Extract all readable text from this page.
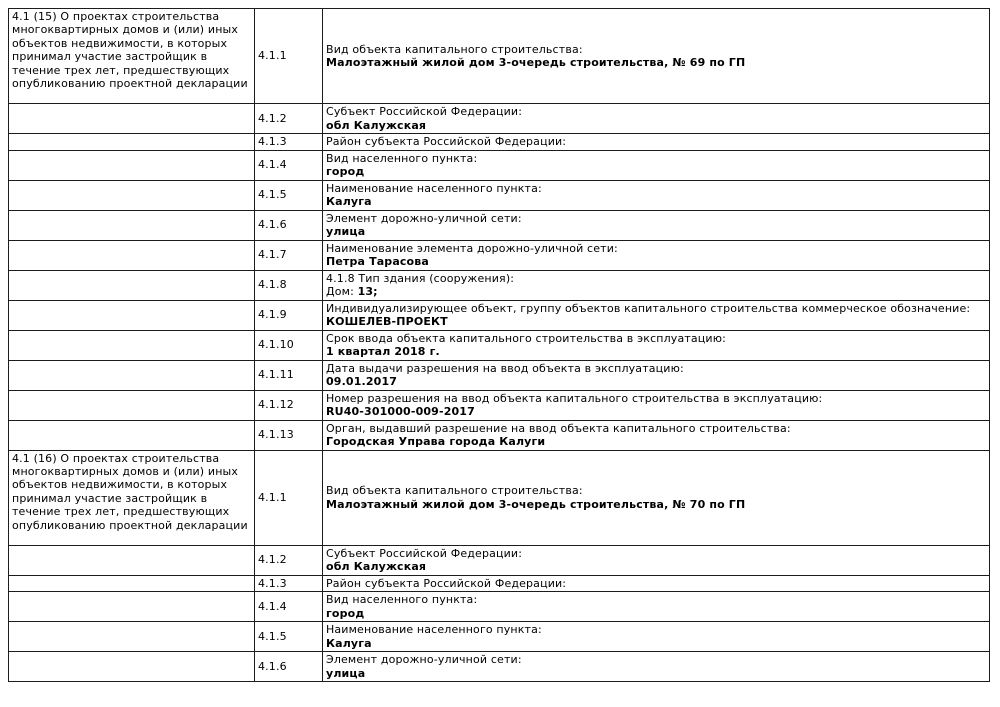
4.1 (15) О проектах строительства многоквартирных домов и (или) иных объектов недвижимости, в которых принимал участие застройщик в течение трех лет, предшествующих опубликованию проектной декларации	4.1.1	Вид объекта капитального строительства:
Малоэтажный жилой дом 3-очередь строительства, № 69 по ГП

	4.1.2	Субъект Российской Федерации:
обл Калужская

	4.1.3	Район субъекта Российской Федерации:

	4.1.4	Вид населенного пункта:
город

	4.1.5	Наименование населенного пункта:
Калуга

	4.1.6	Элемент дорожно-уличной сети:
улица

	4.1.7	Наименование элемента дорожно-уличной сети:
Петра Тарасова

	4.1.8	4.1.8 Тип здания (сооружения):
Дом: 13;

	4.1.9	Индивидуализирующее объект, группу объектов капитального строительства коммерческое обозначение:
КОШЕЛЕВ-ПРОЕКТ

	4.1.10	Срок ввода объекта капитального строительства в эксплуатацию:
1 квартал 2018 г.

	4.1.11	Дата выдачи разрешения на ввод объекта в эксплуатацию:
09.01.2017

	4.1.12	Номер разрешения на ввод объекта капитального строительства в эксплуатацию:
RU40-301000-009-2017

	4.1.13	Орган, выдавший разрешение на ввод объекта капитального строительства:
Городская Управа города Калуги

4.1 (16) О проектах строительства многоквартирных домов и (или) иных объектов недвижимости, в которых принимал участие застройщик в течение трех лет, предшествующих опубликованию проектной декларации	4.1.1	Вид объекта капитального строительства:
Малоэтажный жилой дом 3-очередь строительства, № 70 по ГП

	4.1.2	Субъект Российской Федерации:
обл Калужская

	4.1.3	Район субъекта Российской Федерации:

	4.1.4	Вид населенного пункта:
город

	4.1.5	Наименование населенного пункта:
Калуга

	4.1.6	Элемент дорожно-уличной сети:
улица
